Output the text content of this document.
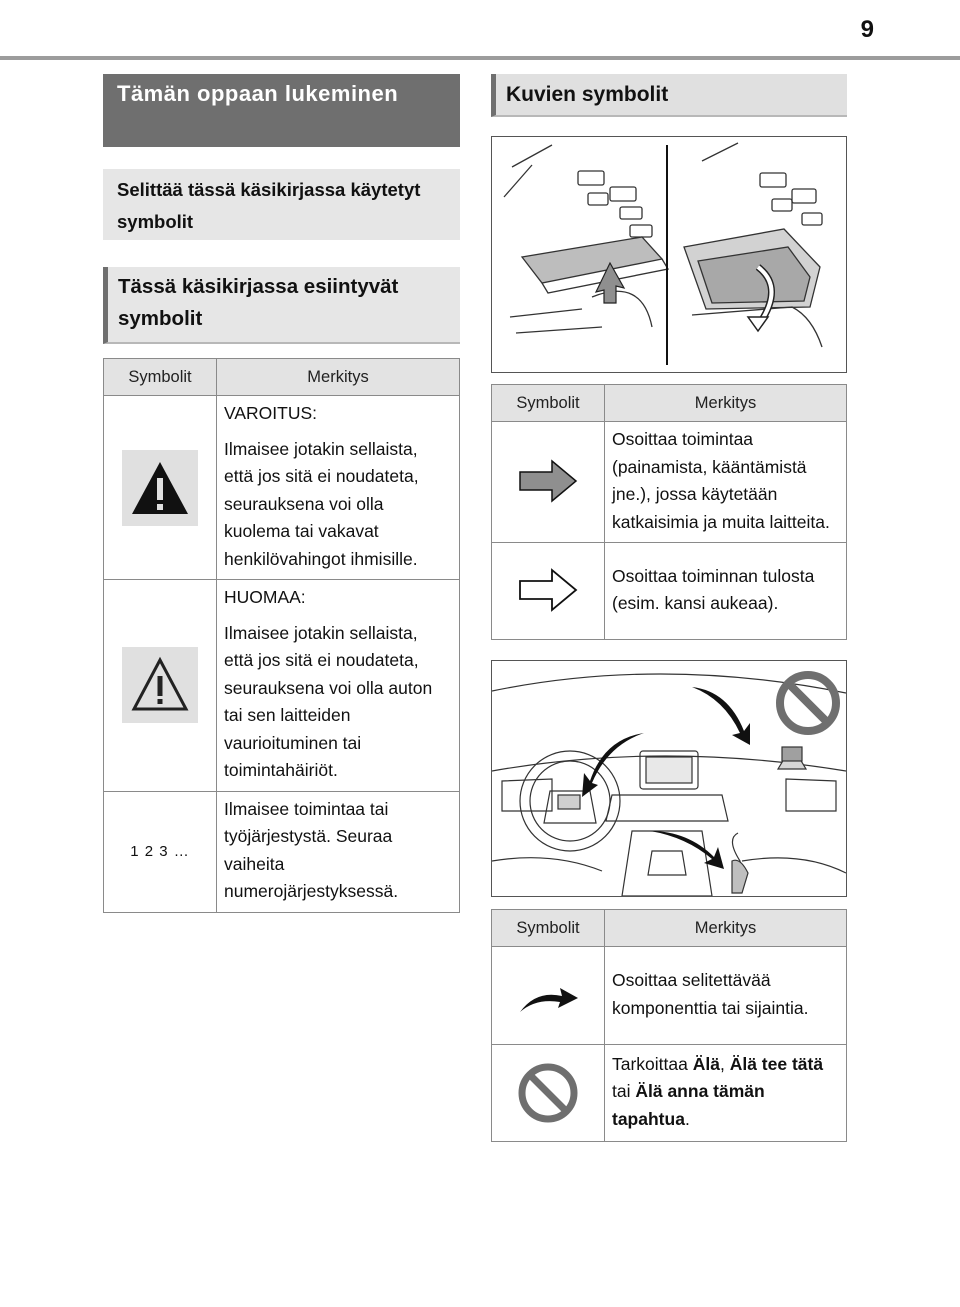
9
Tämän oppaan lukeminen
Selittää tässä käsikirjassa käytetyt symbolit
Tässä käsikirjassa esiintyvät symbolit
Symbolit	Merkitys

VAROITUS:

Ilmaisee jotakin sellaista, että jos sitä ei noudateta, seurauksena voi olla kuolema tai vakavat henkilövahingot ihmisille.

HUOMAA:

Ilmaisee jotakin sellaista, että jos sitä ei noudateta, seurauksena voi olla auton tai sen laitteiden vaurioituminen tai toimintahäiriöt.

1 2 3 …	Ilmaisee toimintaa tai työjärjestystä. Seuraa vaiheita numerojärjestyksessä.

Kuvien symbolit
Symbolit	Merkitys

Osoittaa toimintaa (painamista, kääntämistä jne.), jossa käytetään katkaisimia ja muita laitteita.

Osoittaa toiminnan tulosta (esim. kansi aukeaa).

Symbolit	Merkitys

Osoittaa selitettävää komponenttia tai sijaintia.

Tarkoittaa Älä, Älä tee tätä tai Älä anna tämän tapahtua.
